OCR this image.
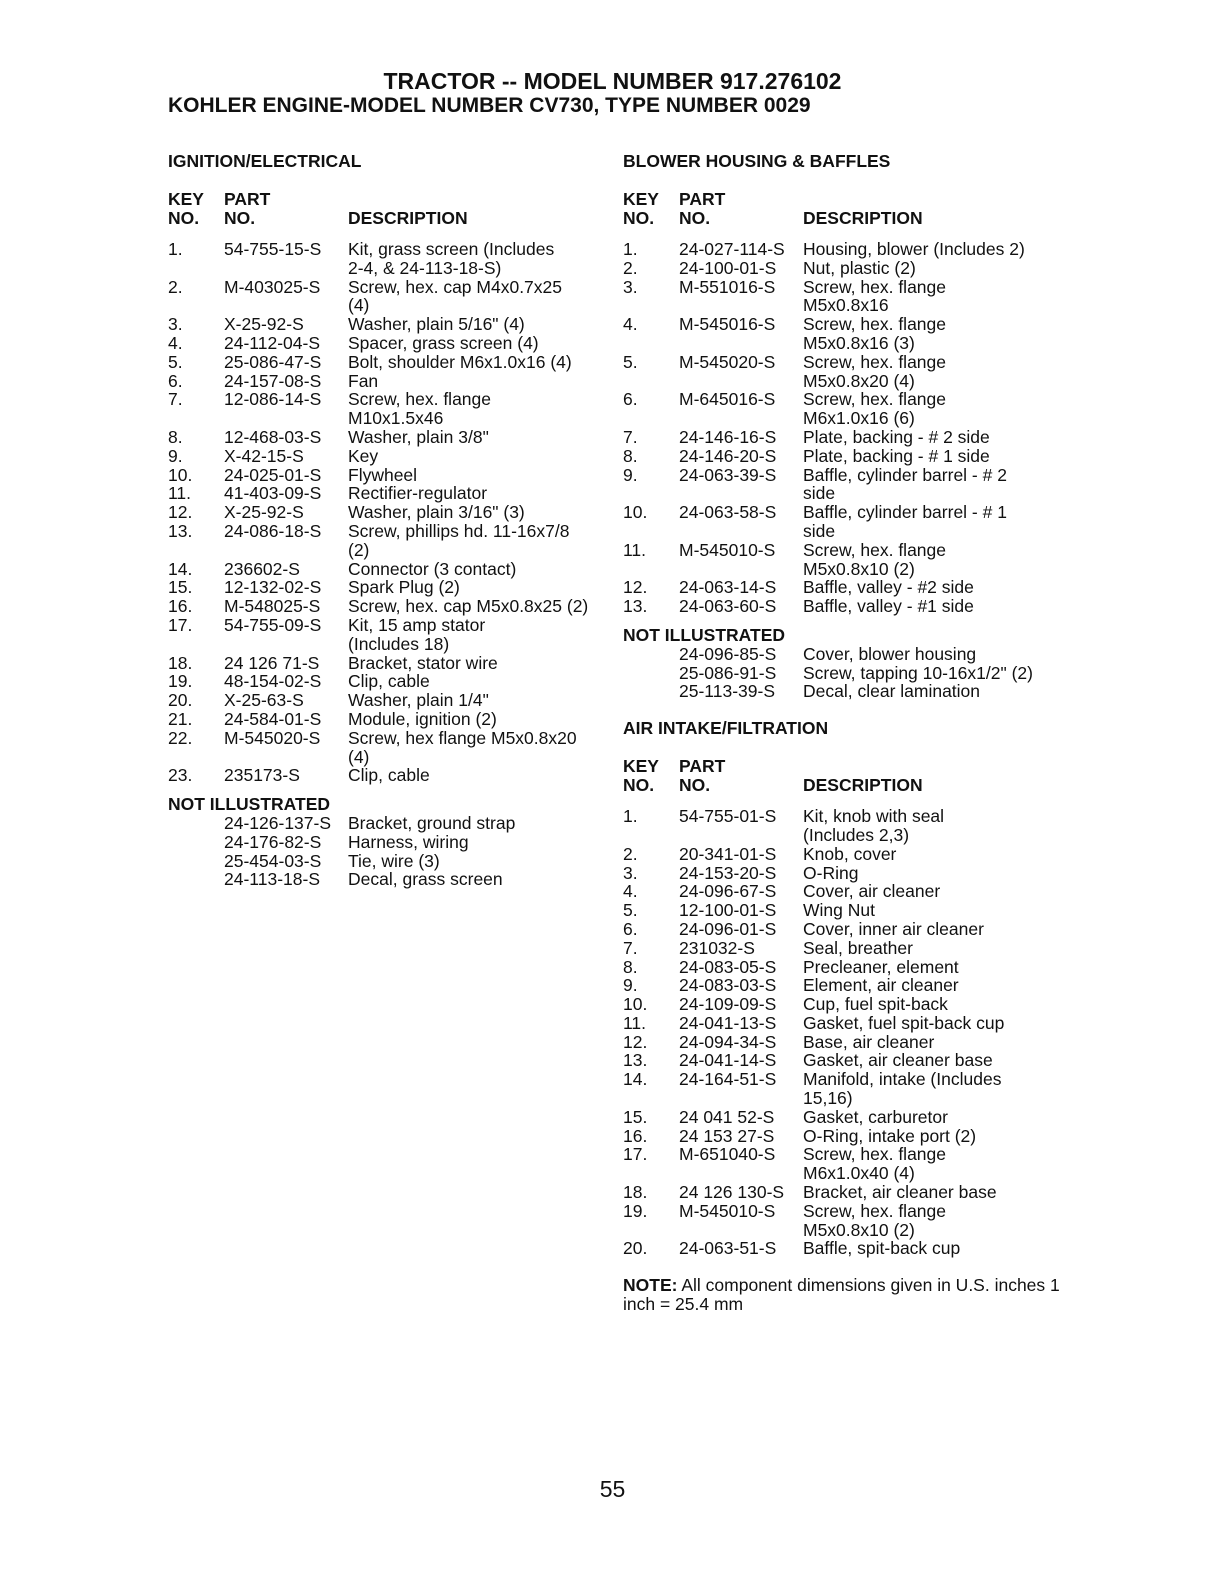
TRACTOR -- MODEL NUMBER 917.276102
KOHLER ENGINE-MODEL NUMBER CV730, TYPE NUMBER 0029
IGNITION/ELECTRICAL
KEY
NO.
PART
NO.	DESCRIPTION
1.	54-755-15-S	Kit, grass screen (Includes
2-4, & 24-113-18-S)
2.	M-403025-S	Screw, hex. cap M4x0.7x25
(4)
3.	X-25-92-S	Washer, plain 5/16" (4)
4.	24-112-04-S	Spacer, grass screen (4)
5.	25-086-47-S	Bolt, shoulder M6x1.0x16 (4)
6.	24-157-08-S	Fan
7.	12-086-14-S	Screw, hex. flange
M10x1.5x46
8.	12-468-03-S	Washer, plain 3/8"
9.	X-42-15-S	Key
10.	24-025-01-S	Flywheel
11.	41-403-09-S	Rectifier-regulator
12.	X-25-92-S	Washer, plain 3/16" (3)
13.	24-086-18-S	Screw, phillips hd. 11-16x7/8
(2)
14.	236602-S	Connector (3 contact)
15.	12-132-02-S	Spark Plug (2)
16.	M-548025-S	Screw, hex. cap M5x0.8x25 (2)
17.	54-755-09-S	Kit, 15 amp stator
(Includes 18)
18.	24 126 71-S	Bracket, stator wire
19.	48-154-02-S	Clip, cable
20.	X-25-63-S	Washer, plain 1/4"
21.	24-584-01-S	Module, ignition (2)
22.	M-545020-S	Screw, hex flange M5x0.8x20
(4)
23.	235173-S	Clip, cable
NOT ILLUSTRATED
24-126-137-S Bracket, ground strap
24-176-82-S	Harness, wiring
25-454-03-S	Tie, wire (3)
24-113-18-S	Decal, grass screen
BLOWER HOUSING & BAFFLES
KEY
NO.
PART
NO.	DESCRIPTION
1.	24-027-114-S	Housing, blower (Includes 2)
2.	24-100-01-S	Nut, plastic (2)
3.	M-551016-S	Screw, hex. flange
M5x0.8x16
4.	M-545016-S	Screw, hex. flange
M5x0.8x16 (3)
5.	M-545020-S	Screw, hex. flange
M5x0.8x20 (4)
6.	M-645016-S	Screw, hex. flange
M6x1.0x16 (6)
7.	24-146-16-S	Plate, backing - # 2 side
8.	24-146-20-S	Plate, backing - # 1 side
9.	24-063-39-S	Baffle, cylinder barrel - # 2
side
10.	24-063-58-S	Baffle, cylinder barrel - # 1
side
11.	M-545010-S	Screw, hex. flange
M5x0.8x10 (2)
12.	24-063-14-S	Baffle, valley - #2 side
13.	24-063-60-S	Baffle, valley - #1 side
NOT ILLUSTRATED
24-096-85-S	Cover, blower housing
25-086-91-S	Screw, tapping 10-16x1/2" (2)
25-113-39-S	Decal, clear lamination
AIR INTAKE/FILTRATION
KEY
NO.
PART
NO.	DESCRIPTION
1.	54-755-01-S	Kit, knob with seal
(Includes 2,3)
2.	20-341-01-S	Knob, cover
3.	24-153-20-S	O-Ring
4.	24-096-67-S	Cover, air cleaner
5.	12-100-01-S	Wing Nut
6.	24-096-01-S	Cover, inner air cleaner
7.	231032-S	Seal, breather
8.	24-083-05-S	Precleaner, element
9.	24-083-03-S	Element, air cleaner
10.	24-109-09-S	Cup, fuel spit-back
11.	24-041-13-S	Gasket, fuel spit-back cup
12.	24-094-34-S	Base, air cleaner
13.	24-041-14-S	Gasket, air cleaner base
14.	24-164-51-S	Manifold, intake (Includes
15,16)
15.	24 041 52-S	Gasket, carburetor
16.	24 153 27-S	O-Ring, intake port (2)
17.	M-651040-S	Screw, hex. flange
M6x1.0x40 (4)
18.	24 126 130-S	Bracket, air cleaner base
19.	M-545010-S	Screw, hex. flange
M5x0.8x10 (2)
20.	24-063-51-S	Baffle, spit-back cup
NOTE: All component dimensions given in U.S. inches 1 inch = 25.4 mm
55
